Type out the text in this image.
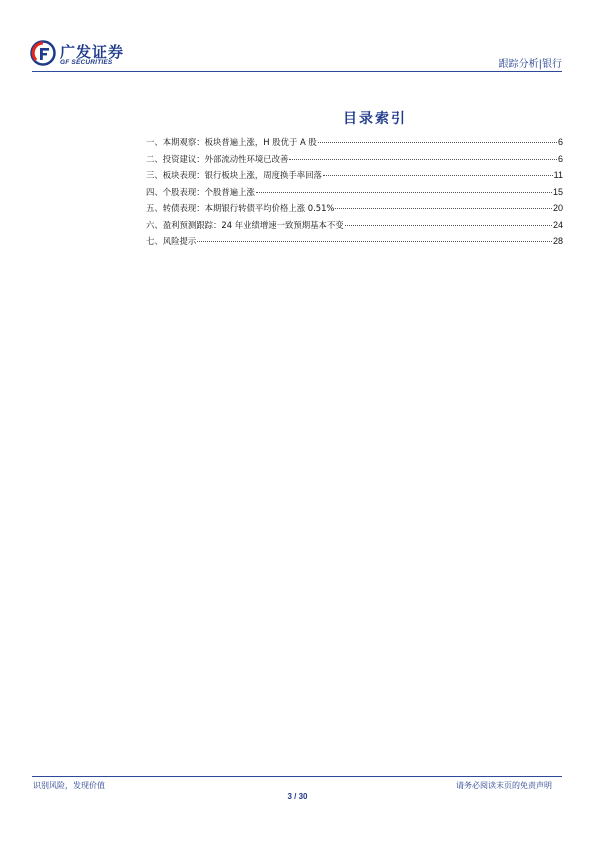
广发证券
GF SECURITIES	跟踪分析|银行
目录索引
一、本期观察：板块普遍上涨，H 股优于 A 股	6
二、投资建议：外部流动性环境已改善	6
三、板块表现：银行板块上涨，周度换手率回落	11
四、个股表现：个股普遍上涨	15
五、转债表现：本期银行转债平均价格上涨 0.51%	20
六、盈利预测跟踪：24 年业绩增速一致预期基本不变	24
七、风险提示	28
识别风险，发现价值	请务必阅读末页的免责声明
3 / 30
